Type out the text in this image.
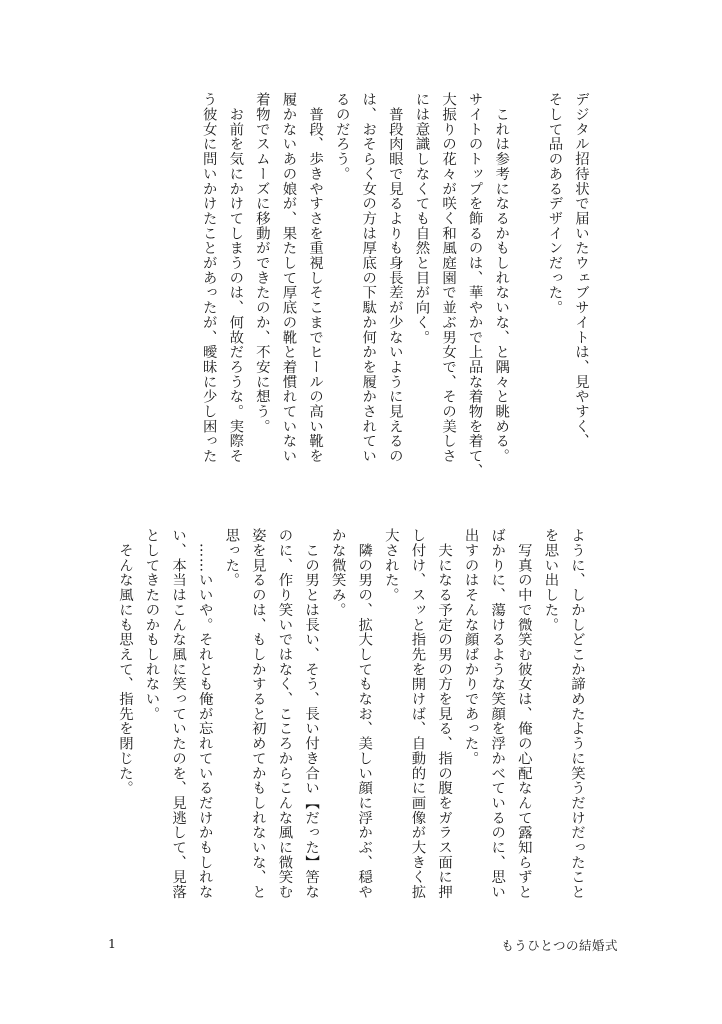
デジタル招待状で届いたウェブサイトは、見やすく、
そして品のあるデザインだった。

　これは参考になるかもしれないな、と隅々と眺める。
サイトのトップを飾るのは、華やかで上品な着物を着て、
大振りの花々が咲く和風庭園で並ぶ男女で、その美しさ
には意識しなくても自然と目が向く。
　普段肉眼で見るよりも身長差が少ないように見えるの
は、おそらく女の方は厚底の下駄か何かを履かされてい
るのだろう。
　普段、歩きやすさを重視しそこまでヒールの高い靴を
履かないあの娘が、果たして厚底の靴と着慣れていない
着物でスムーズに移動ができたのか、不安に想う。
　お前を気にかけてしまうのは、何故だろうな。実際そ
う彼女に問いかけたことがあったが、曖昧に少し困った
ように、しかしどこか諦めたように笑うだけだったこと
を思い出した。
　写真の中で微笑む彼女は、俺の心配なんて露知らずと
ばかりに、蕩けるような笑顔を浮かべているのに、思い
出すのはそんな顔ばかりであった。
　夫になる予定の男の方を見る、指の腹をガラス面に押
し付け、スッと指先を開けば、自動的に画像が大きく拡
大された。
　隣の男の、拡大してもなお、美しい顔に浮かぶ、穏や
かな微笑み。
　この男とは長い、そう、長い付き合い【だった】筈な
のに、作り笑いではなく、こころからこんな風に微笑む
姿を見るのは、もしかすると初めてかもしれないな、と
思った。
　……いいや。それとも俺が忘れているだけかもしれな
い、本当はこんな風に笑っていたのを、見逃して、見落
としてきたのかもしれない。
　そんな風にも思えて、指先を閉じた。
1	もうひとつの結婚式
